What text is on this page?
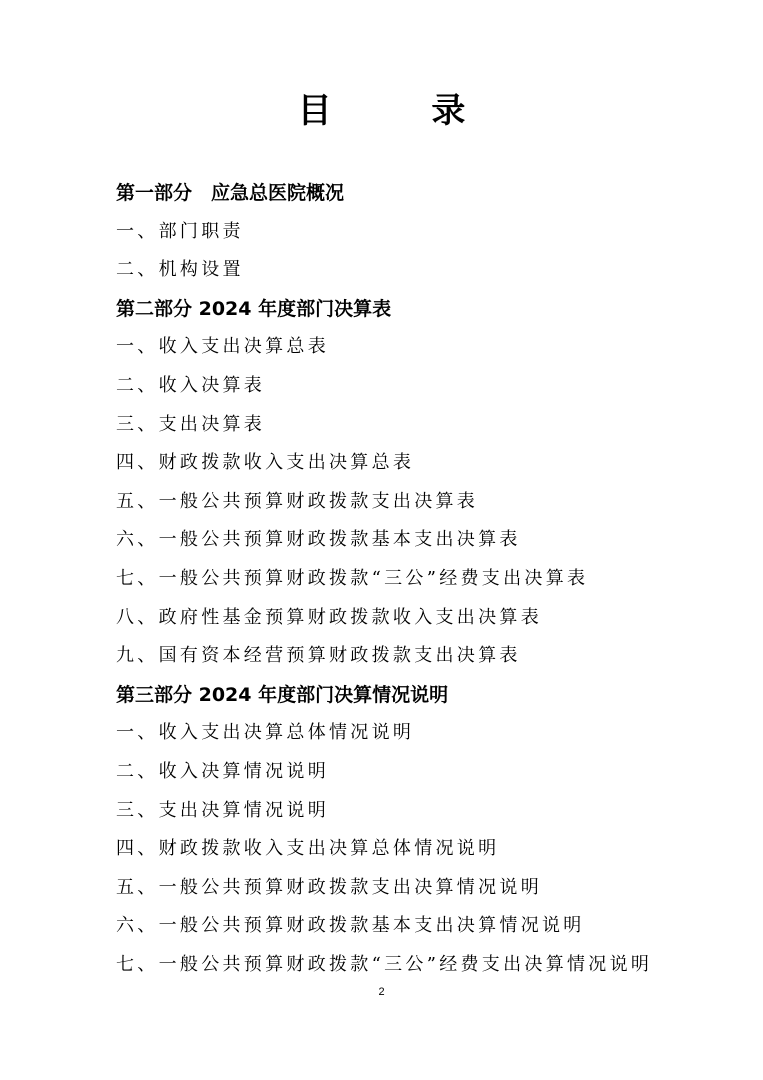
目 录
第一部分　应急总医院概况
一、部门职责
二、机构设置
第二部分 2024 年度部门决算表
一、收入支出决算总表
二、收入决算表
三、支出决算表
四、财政拨款收入支出决算总表
五、一般公共预算财政拨款支出决算表
六、一般公共预算财政拨款基本支出决算表
七、一般公共预算财政拨款“三公”经费支出决算表
八、政府性基金预算财政拨款收入支出决算表
九、国有资本经营预算财政拨款支出决算表
第三部分 2024 年度部门决算情况说明
一、收入支出决算总体情况说明
二、收入决算情况说明
三、支出决算情况说明
四、财政拨款收入支出决算总体情况说明
五、一般公共预算财政拨款支出决算情况说明
六、一般公共预算财政拨款基本支出决算情况说明
七、一般公共预算财政拨款“三公”经费支出决算情况说明
2
